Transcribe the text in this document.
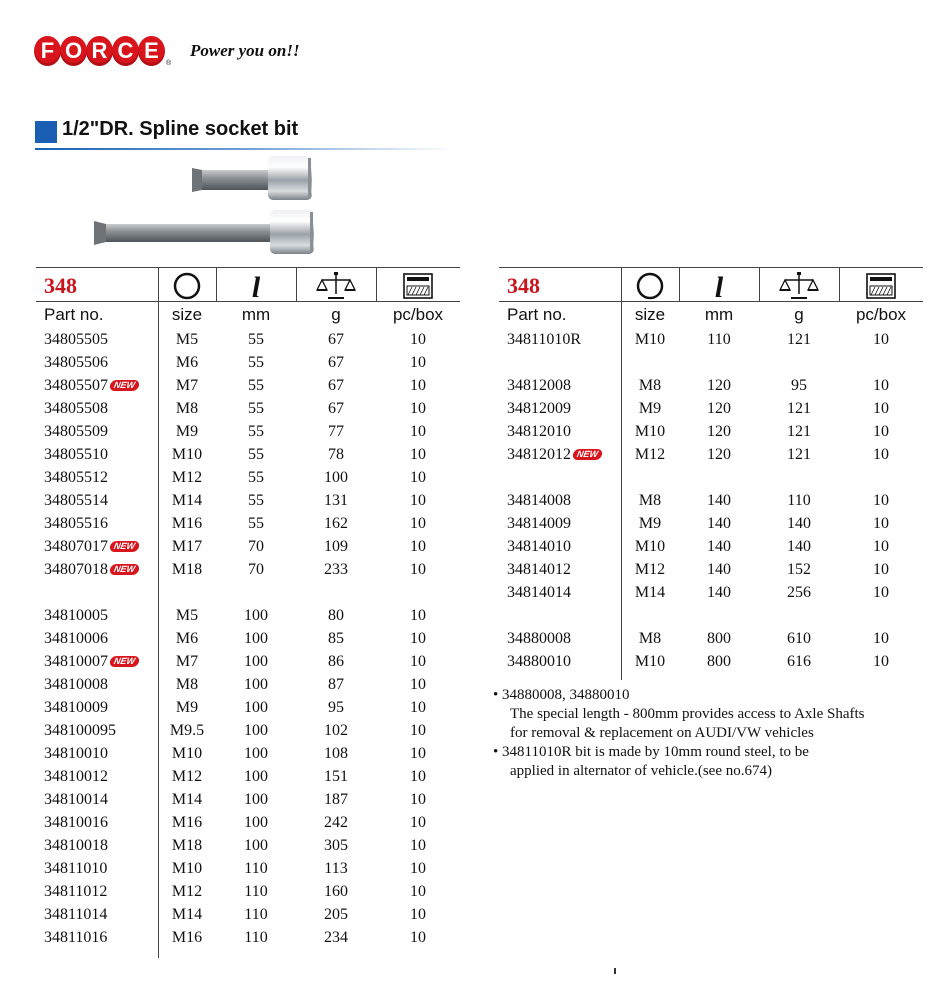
F O R C E	®
Power you on!!
1/2"DR. Spline socket bit
348	l
Part no.	size	mm	g	pc/box
34805505	M5	55	67	10
34805506	M6	55	67	10
34805507 NEW	M7	55	67	10
34805508	M8	55	67	10
34805509	M9	55	77	10
34805510	M10	55	78	10
34805512	M12	55	100	10
34805514	M14	55	131	10
34805516	M16	55	162	10
34807017 NEW	M17	70	109	10
34807018 NEW	M18	70	233	10
34810005	M5	100	80	10
34810006	M6	100	85	10
34810007 NEW	M7	100	86	10
34810008	M8	100	87	10
34810009	M9	100	95	10
348100095	M9.5	100	102	10
34810010	M10	100	108	10
34810012	M12	100	151	10
34810014	M14	100	187	10
34810016	M16	100	242	10
34810018	M18	100	305	10
34811010	M10	110	113	10
34811012	M12	110	160	10
34811014	M14	110	205	10
34811016	M16	110	234	10
348	l
Part no.	size	mm	g	pc/box
34811010R	M10	110	121	10
34812008	M8	120	95	10
34812009	M9	120	121	10
34812010	M10	120	121	10
34812012 NEW	M12	120	121	10
34814008	M8	140	110	10
34814009	M9	140	140	10
34814010	M10	140	140	10
34814012	M12	140	152	10
34814014	M14	140	256	10
34880008	M8	800	610	10
34880010	M10	800	616	10

• 34880008, 34880010

The special length - 800mm provides access to Axle Shafts

for removal & replacement on AUDI/VW vehicles

• 34811010R bit is made by 10mm round steel, to be

applied in alternator of vehicle.(see no.674)
